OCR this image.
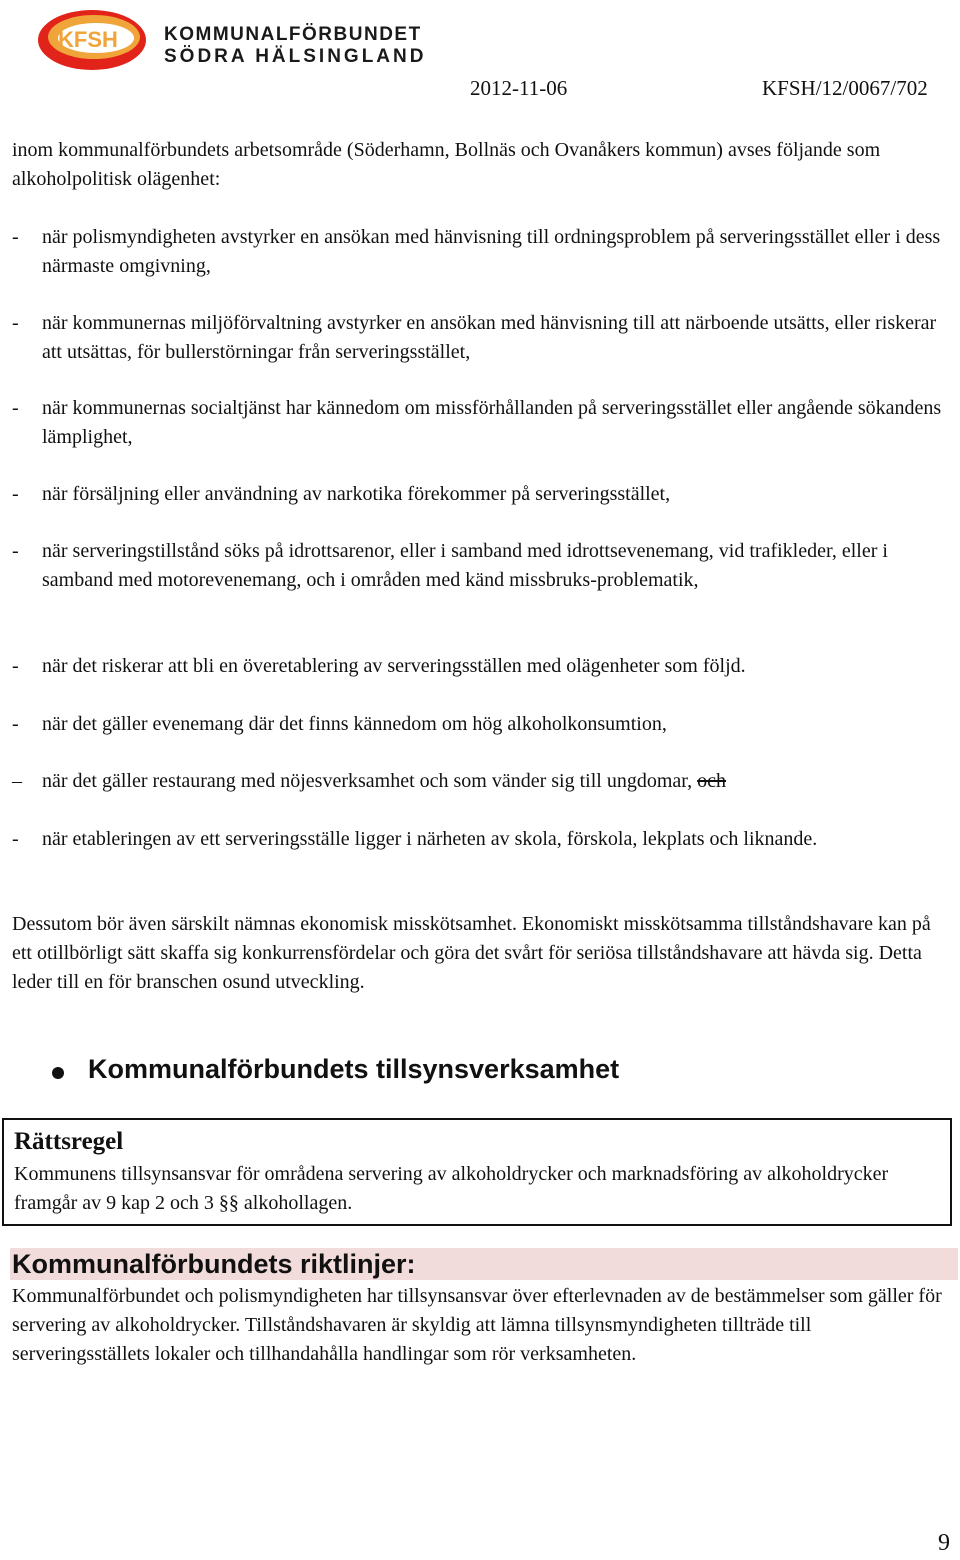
KFSH KOMMUNALFÖRBUNDET
SÖDRA HÄLSINGLAND
2012-11-06	KFSH/12/0067/702

inom kommunalförbundets arbetsområde (Söderhamn, Bollnäs och Ovanåkers kommun) avses följande som alkoholpolitisk olägenhet:

- när polismyndigheten avstyrker en ansökan med hänvisning till ordningsproblem på serveringsstället eller i dess närmaste omgivning,
- när kommunernas miljöförvaltning avstyrker en ansökan med hänvisning till att närboende utsätts, eller riskerar att utsättas, för bullerstörningar från serveringsstället,
- när kommunernas socialtjänst har kännedom om missförhållanden på serveringsstället eller angående sökandens lämplighet,
- när försäljning eller användning av narkotika förekommer på serveringsstället,
- när serveringstillstånd söks på idrottsarenor, eller i samband med idrottsevenemang, vid trafikleder, eller i samband med motorevenemang, och i områden med känd missbruks-problematik,
- när det riskerar att bli en överetablering av serveringsställen med olägenheter som följd.
- när det gäller evenemang där det finns kännedom om hög alkoholkonsumtion,
– när det gäller restaurang med nöjesverksamhet och som vänder sig till ungdomar, och
- när etableringen av ett serveringsställe ligger i närheten av skola, förskola, lekplats och liknande.

Dessutom bör även särskilt nämnas ekonomisk misskötsamhet. Ekonomiskt misskötsamma tillståndshavare kan på ett otillbörligt sätt skaffa sig konkurrensfördelar och göra det svårt för seriösa tillståndshavare att hävda sig. Detta leder till en för branschen osund utveckling.

Kommunalförbundets tillsynsverksamhet
Rättsregel
Kommunens tillsynsansvar för områdena servering av alkoholdrycker och marknadsföring av alkoholdrycker framgår av 9 kap 2 och 3 §§ alkohollagen.
Kommunalförbundets riktlinjer:

Kommunalförbundet och polismyndigheten har tillsynsansvar över efterlevnaden av de bestämmelser som gäller för servering av alkoholdrycker. Tillståndshavaren är skyldig att lämna tillsynsmyndigheten tillträde till serveringsställets lokaler och tillhandahålla handlingar som rör verksamheten.

9
